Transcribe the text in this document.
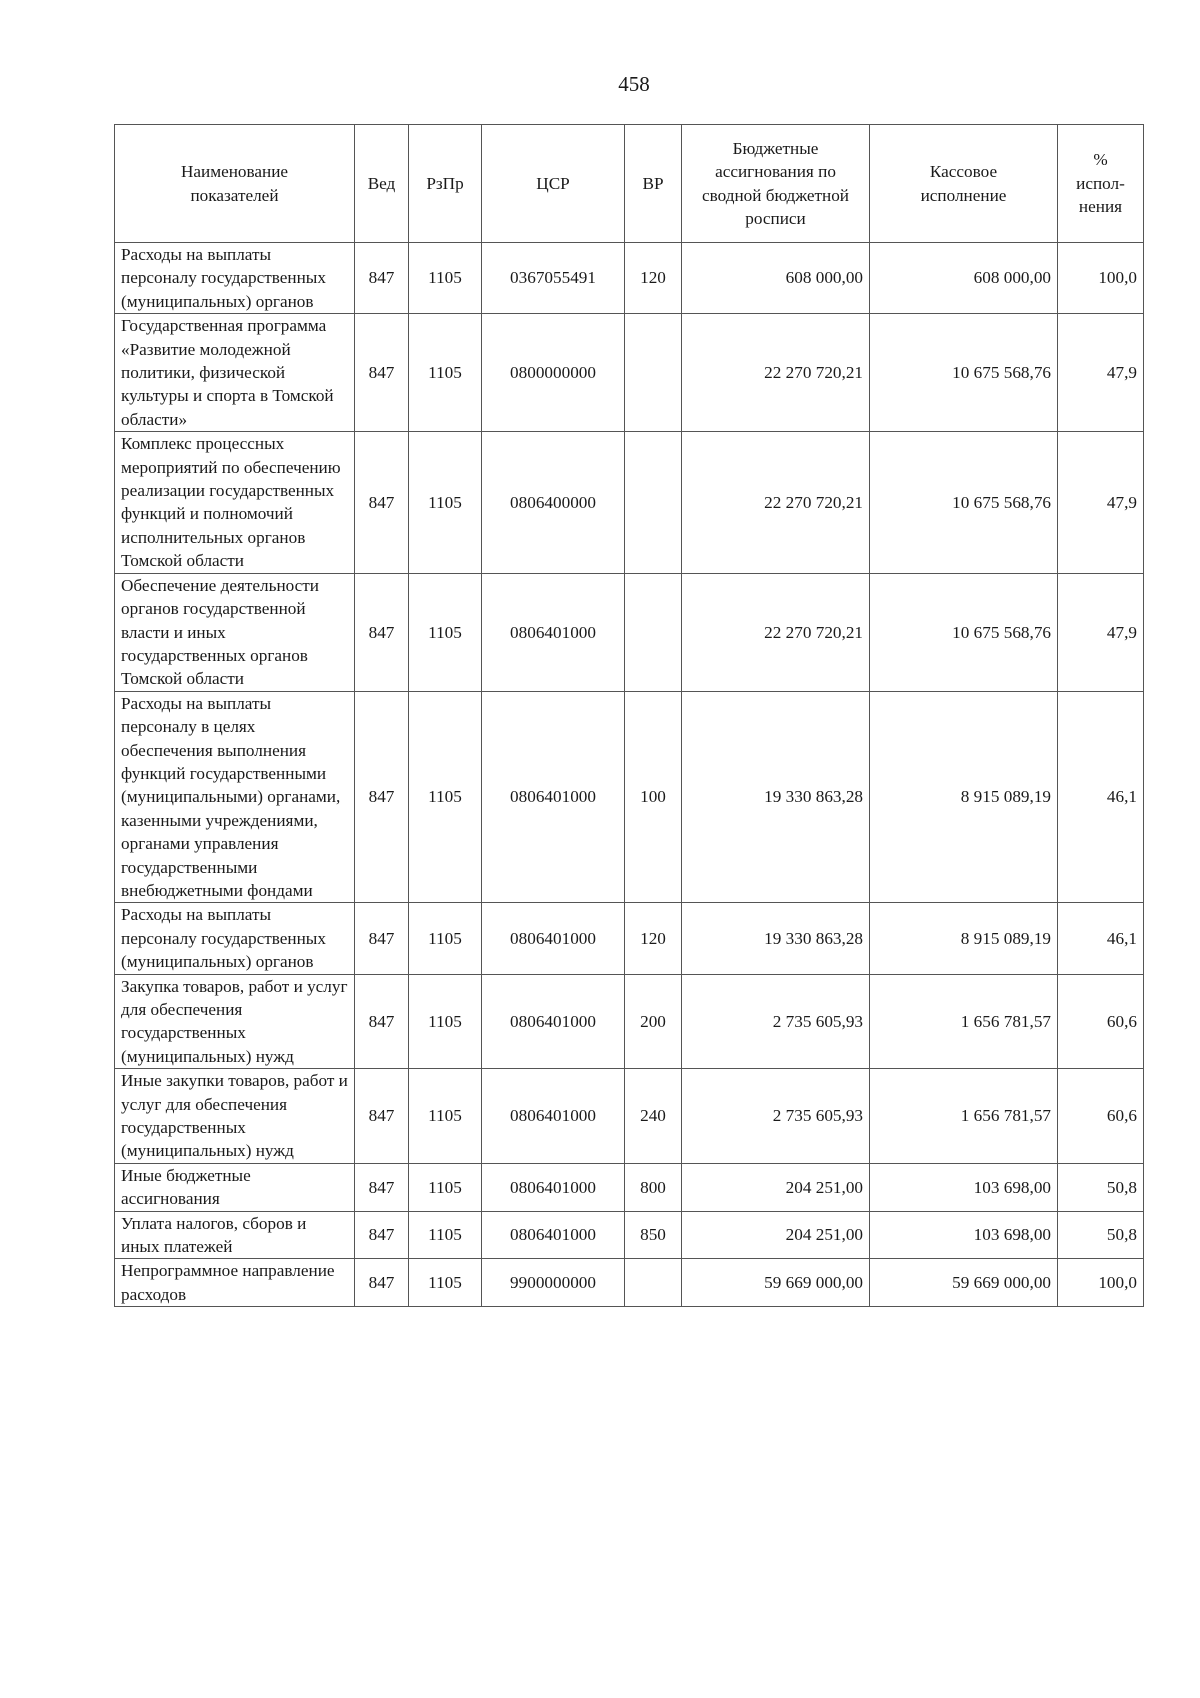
458
Наименование показателей	Вед	РзПр	ЦСР	ВР	Бюджетные ассигнования по сводной бюджетной росписи	Кассовое исполнение	% испол-нения
Расходы на выплаты персоналу государственных (муниципальных) органов	847	1105	0367055491	120	608 000,00	608 000,00	100,0
Государственная программа «Развитие молодежной политики, физической культуры и спорта в Томской области»	847	1105	0800000000		22 270 720,21	10 675 568,76	47,9
Комплекс процессных мероприятий по обеспечению реализации государственных функций и полномочий исполнительных органов Томской области	847	1105	0806400000		22 270 720,21	10 675 568,76	47,9
Обеспечение деятельности органов государственной власти и иных государственных органов Томской области	847	1105	0806401000		22 270 720,21	10 675 568,76	47,9
Расходы на выплаты персоналу в целях обеспечения выполнения функций государственными (муниципальными) органами, казенными учреждениями, органами управления государственными внебюджетными фондами	847	1105	0806401000	100	19 330 863,28	8 915 089,19	46,1
Расходы на выплаты персоналу государственных (муниципальных) органов	847	1105	0806401000	120	19 330 863,28	8 915 089,19	46,1
Закупка товаров, работ и услуг для обеспечения государственных (муниципальных) нужд	847	1105	0806401000	200	2 735 605,93	1 656 781,57	60,6
Иные закупки товаров, работ и услуг для обеспечения государственных (муниципальных) нужд	847	1105	0806401000	240	2 735 605,93	1 656 781,57	60,6
Иные бюджетные ассигнования	847	1105	0806401000	800	204 251,00	103 698,00	50,8
Уплата налогов, сборов и иных платежей	847	1105	0806401000	850	204 251,00	103 698,00	50,8
Непрограммное направление расходов	847	1105	9900000000		59 669 000,00	59 669 000,00	100,0
